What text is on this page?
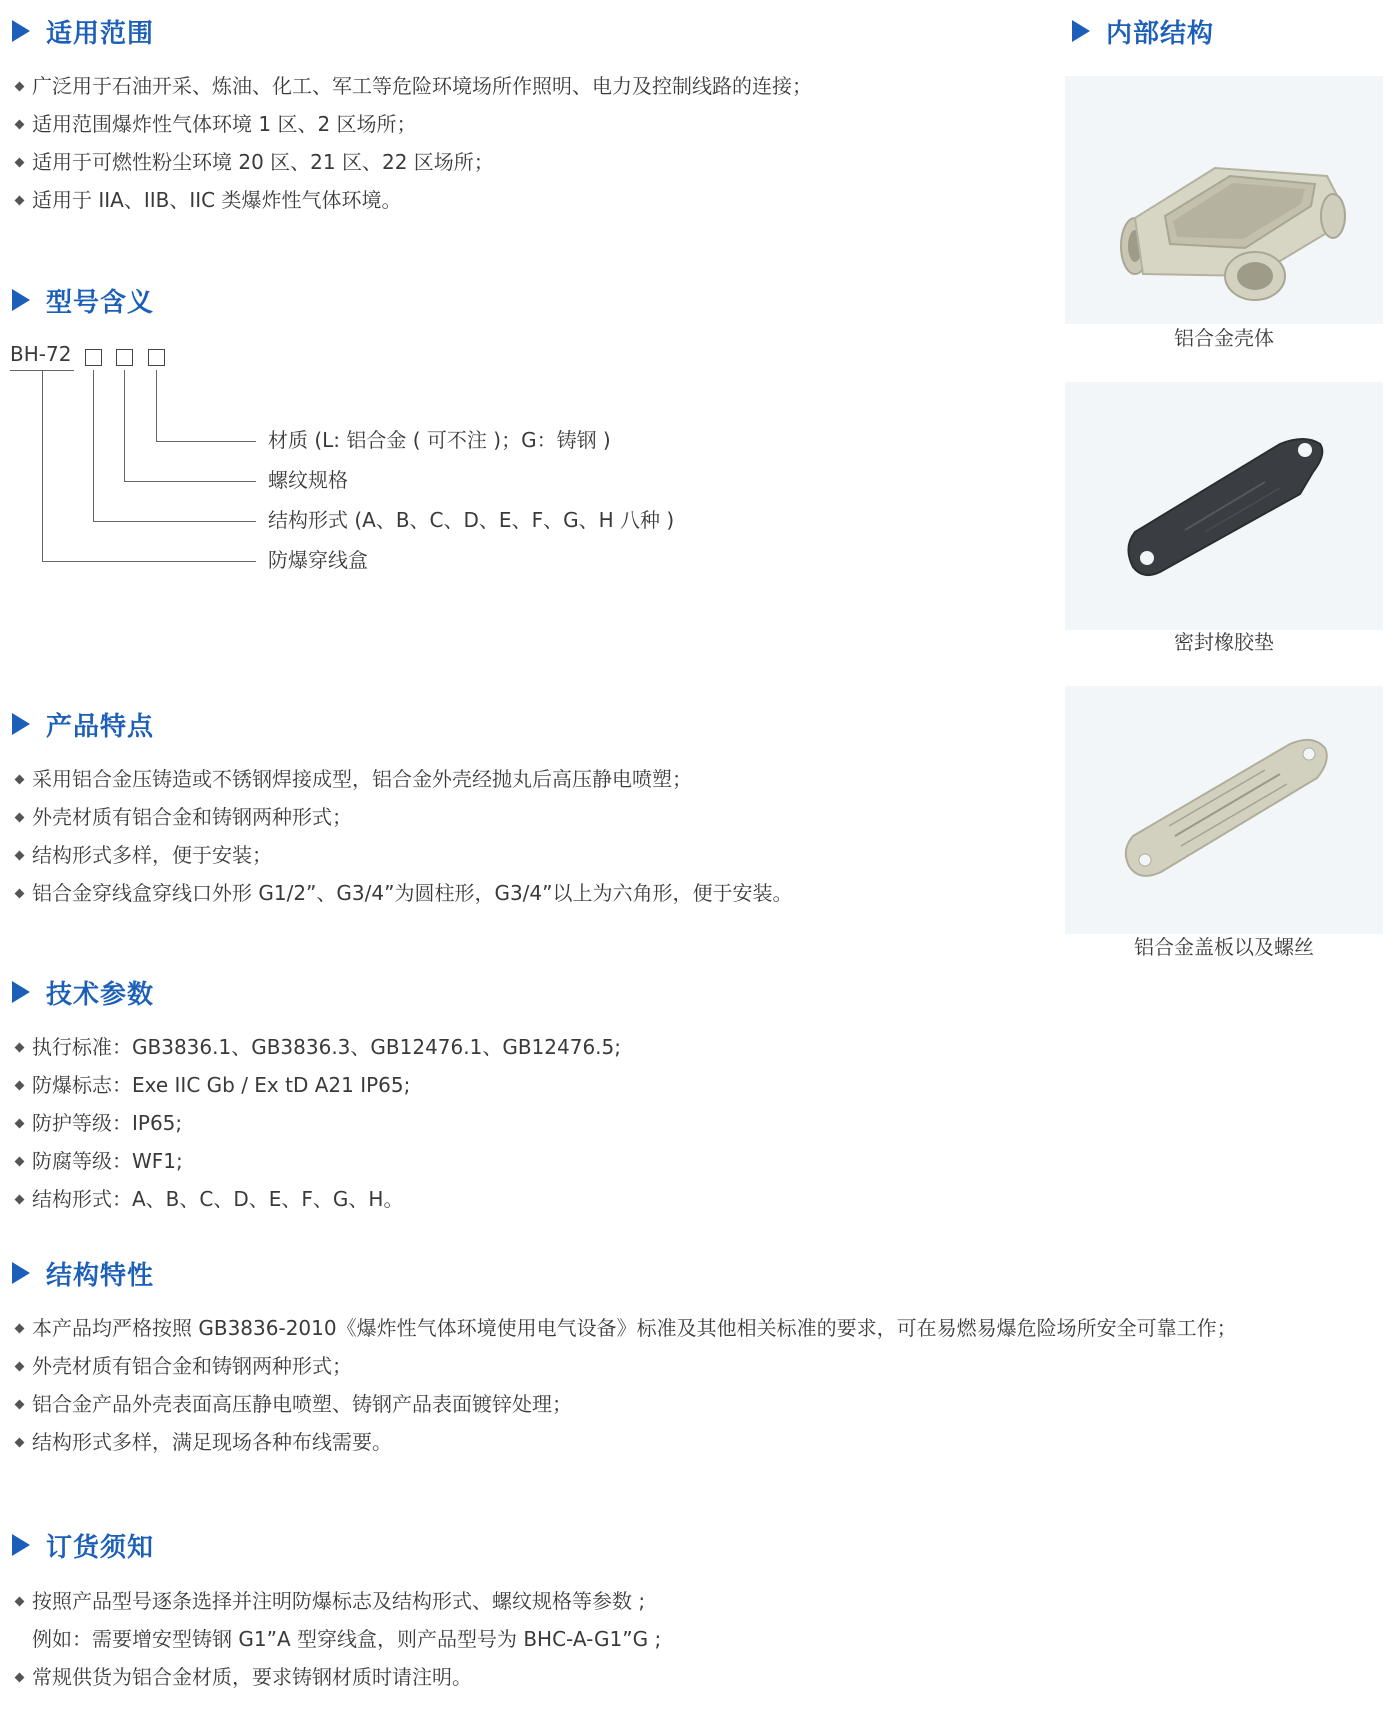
适用范围
广泛用于石油开采、炼油、化工、军工等危险环境场所作照明、电力及控制线路的连接；
适用范围爆炸性气体环境 1 区、2 区场所；
适用于可燃性粉尘环境 20 区、21 区、22 区场所；
适用于 IIA、IIB、IIC 类爆炸性气体环境。
型号含义
BH-72
材质 (L: 铝合金 ( 可不注 )；G：铸钢 )
螺纹规格
结构形式 (A、B、C、D、E、F、G、H 八种 )
防爆穿线盒
产品特点
采用铝合金压铸造或不锈钢焊接成型，铝合金外壳经抛丸后高压静电喷塑；
外壳材质有铝合金和铸钢两种形式；
结构形式多样，便于安装；
铝合金穿线盒穿线口外形 G1/2”、G3/4”为圆柱形，G3/4”以上为六角形，便于安装。
技术参数
执行标准：GB3836.1、GB3836.3、GB12476.1、GB12476.5;
防爆标志：Exe IIC Gb / Ex tD A21 IP65;
防护等级：IP65;
防腐等级：WF1;
结构形式：A、B、C、D、E、F、G、H。
结构特性
本产品均严格按照 GB3836-2010《爆炸性气体环境使用电气设备》标准及其他相关标准的要求，可在易燃易爆危险场所安全可靠工作；
外壳材质有铝合金和铸钢两种形式；
铝合金产品外壳表面高压静电喷塑、铸钢产品表面镀锌处理；
结构形式多样，满足现场各种布线需要。
订货须知
按照产品型号逐条选择并注明防爆标志及结构形式、螺纹规格等参数 ;
例如：需要增安型铸钢 G1”A 型穿线盒，则产品型号为 BHC-A-G1”G ;
常规供货为铝合金材质，要求铸钢材质时请注明。
内部结构
铝合金壳体
密封橡胶垫
铝合金盖板以及螺丝
